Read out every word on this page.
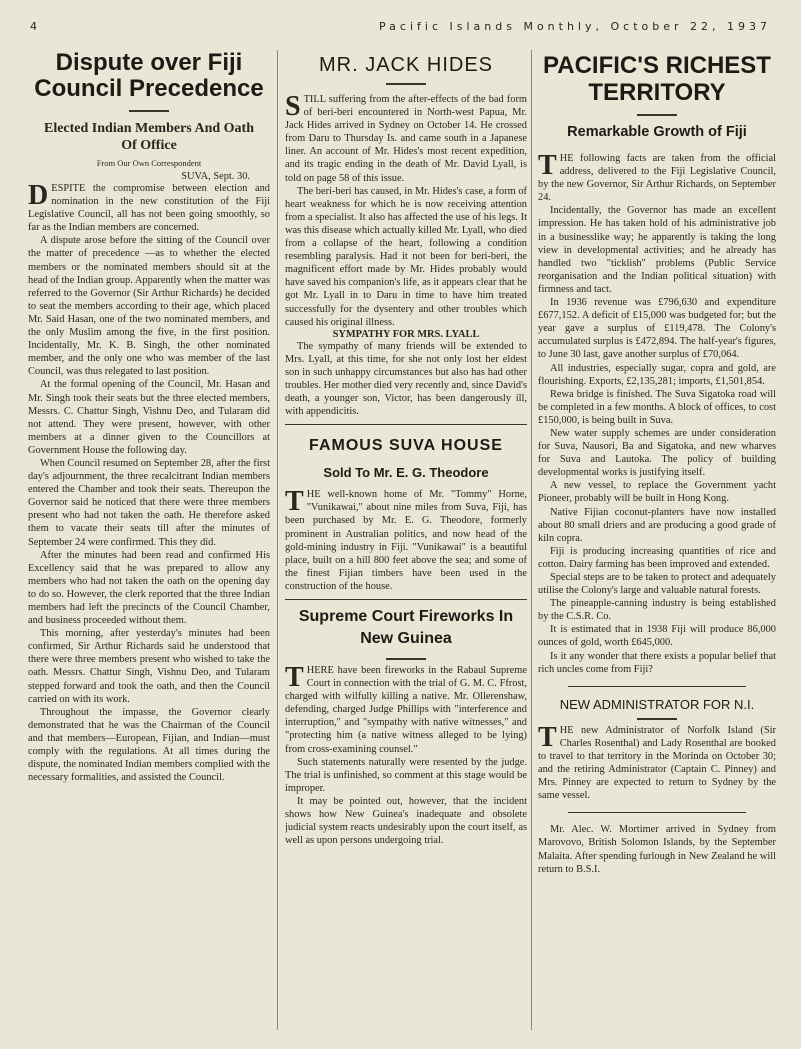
4	Pacific Islands Monthly, October 22, 1937
Dispute over Fiji Council Precedence
Elected Indian Members And Oath Of Office
From Our Own Correspondent
SUVA, Sept. 30.

DESPITE the compromise between election and nomination in the new constitution of the Fiji Legislative Council, all has not been going smoothly, so far as the Indian members are concerned.

A dispute arose before the sitting of the Council over the matter of precedence —as to whether the elected members or the nominated members should sit at the head of the Indian group. Apparently when the matter was referred to the Governor (Sir Arthur Richards) he decided to seat the members according to their age, which placed Mr. Said Hasan, one of the two nominated members, and the only Muslim among the five, in the first position. Incidentally, Mr. K. B. Singh, the other nominated member, and the only one who was member of the last Council, was thus relegated to last position.

At the formal opening of the Council, Mr. Hasan and Mr. Singh took their seats but the three elected members, Messrs. C. Chattur Singh, Vishnu Deo, and Tularam did not attend. They were present, however, with other members at a dinner given to the Councillors at Government House the following day.

When Council resumed on September 28, after the first day's adjournment, the three recalcitrant Indian members entered the Chamber and took their seats. Thereupon the Governor said he noticed that there were three members present who had not taken the oath. He therefore asked them to vacate their seats till after the minutes of September 24 were confirmed. This they did.

After the minutes had been read and confirmed His Excellency said that he was prepared to allow any members who had not taken the oath on the opening day to do so. However, the clerk reported that the three Indian members had left the precincts of the Council Chamber, and business proceeded without them.

This morning, after yesterday's minutes had been confirmed, Sir Arthur Richards said he understood that there were three members present who wished to take the oath. Messrs. Chattur Singh, Vishnu Deo, and Tularam stepped forward and took the oath, and then the Council carried on with its work.

Throughout the impasse, the Governor clearly demonstrated that he was the Chairman of the Council and that members—European, Fijian, and Indian—must comply with the regulations. At all times during the dispute, the nominated Indian members complied with the necessary formalities, and assisted the Council.

MR. JACK HIDES

STILL suffering from the after-effects of the bad form of beri-beri encountered in North-west Papua, Mr. Jack Hides arrived in Sydney on October 14. He crossed from Daru to Thursday Is. and came south in a Japanese liner. An account of Mr. Hides's most recent expedition, and its tragic ending in the death of Mr. David Lyall, is told on page 58 of this issue.

The beri-beri has caused, in Mr. Hides's case, a form of heart weakness for which he is now receiving attention from a specialist. It also has affected the use of his legs. It was this disease which actually killed Mr. Lyall, who died from a collapse of the heart, following a condition resembling paralysis. Had it not been for beri-beri, the magnificent effort made by Mr. Hides probably would have saved his companion's life, as it appears clear that he got Mr. Lyall in to Daru in time to have him treated successfully for the dysentery and other troubles which caused his original illness.

SYMPATHY FOR MRS. LYALL

The sympathy of many friends will be extended to Mrs. Lyall, at this time, for she not only lost her eldest son in such unhappy circumstances but also has had other troubles. Her mother died very recently and, since David's death, a younger son, Victor, has been dangerously ill, with appendicitis.

FAMOUS SUVA HOUSE
Sold To Mr. E. G. Theodore

THE well-known home of Mr. "Tommy" Horne, "Vunikawai," about nine miles from Suva, Fiji, has been purchased by Mr. E. G. Theodore, formerly prominent in Australian politics, and now head of the gold-mining industry in Fiji. "Vunikawai" is a beautiful place, built on a hill 800 feet above the sea; and some of the finest Fijian timbers have been used in the construction of the house.

Supreme Court Fireworks In New Guinea

THERE have been fireworks in the Rabaul Supreme Court in connection with the trial of G. M. C. Ffrost, charged with wilfully killing a native. Mr. Ollerenshaw, defending, charged Judge Phillips with "interference and interruption," and "sympathy with native witnesses," and "protecting him (a native witness alleged to be lying) from cross-examining counsel."

Such statements naturally were resented by the judge. The trial is unfinished, so comment at this stage would be improper.

It may be pointed out, however, that the incident shows how New Guinea's inadequate and obsolete judicial system reacts undesirably upon the court itself, as well as upon persons undergoing trial.

PACIFIC'S RICHEST TERRITORY
Remarkable Growth of Fiji

THE following facts are taken from the official address, delivered to the Fiji Legislative Council, by the new Governor, Sir Arthur Richards, on September 24.

Incidentally, the Governor has made an excellent impression. He has taken hold of his administrative job in a businesslike way; he apparently is taking the long view in developmental activities; and he already has handled two "ticklish" problems (Public Service reorganisation and the Indian political situation) with firmness and tact.

In 1936 revenue was £796,630 and expenditure £677,152. A deficit of £15,000 was budgeted for; but the year gave a surplus of £119,478. The Colony's accumulated surplus is £472,894. The half-year's figures, to June 30 last, gave another surplus of £70,064.

All industries, especially sugar, copra and gold, are flourishing. Exports, £2,135,281; imports, £1,501,854.

Rewa bridge is finished. The Suva Sigatoka road will be completed in a few months. A block of offices, to cost £150,000, is being built in Suva.

New water supply schemes are under consideration for Suva, Nausori, Ba and Sigatoka, and new wharves for Suva and Lautoka. The policy of building developmental works is justifying itself.

A new vessel, to replace the Government yacht Pioneer, probably will be built in Hong Kong.

Native Fijian coconut-planters have now installed about 80 small driers and are producing a good grade of kiln copra.

Fiji is producing increasing quantities of rice and cotton. Dairy farming has been improved and extended.

Special steps are to be taken to protect and adequately utilise the Colony's large and valuable natural forests.

The pineapple-canning industry is being established by the C.S.R. Co.

It is estimated that in 1938 Fiji will produce 86,000 ounces of gold, worth £645,000.

Is it any wonder that there exists a popular belief that rich uncles come from Fiji?

NEW ADMINISTRATOR FOR N.I.

THE new Administrator of Norfolk Island (Sir Charles Rosenthal) and Lady Rosenthal are booked to travel to that territory in the Morinda on October 30; and the retiring Administrator (Captain C. Pinney) and Mrs. Pinney are expected to return to Sydney by the same vessel.

Mr. Alec. W. Mortimer arrived in Sydney from Marovovo, British Solomon Islands, by the September Malaita. After spending furlough in New Zealand he will return to B.S.I.
